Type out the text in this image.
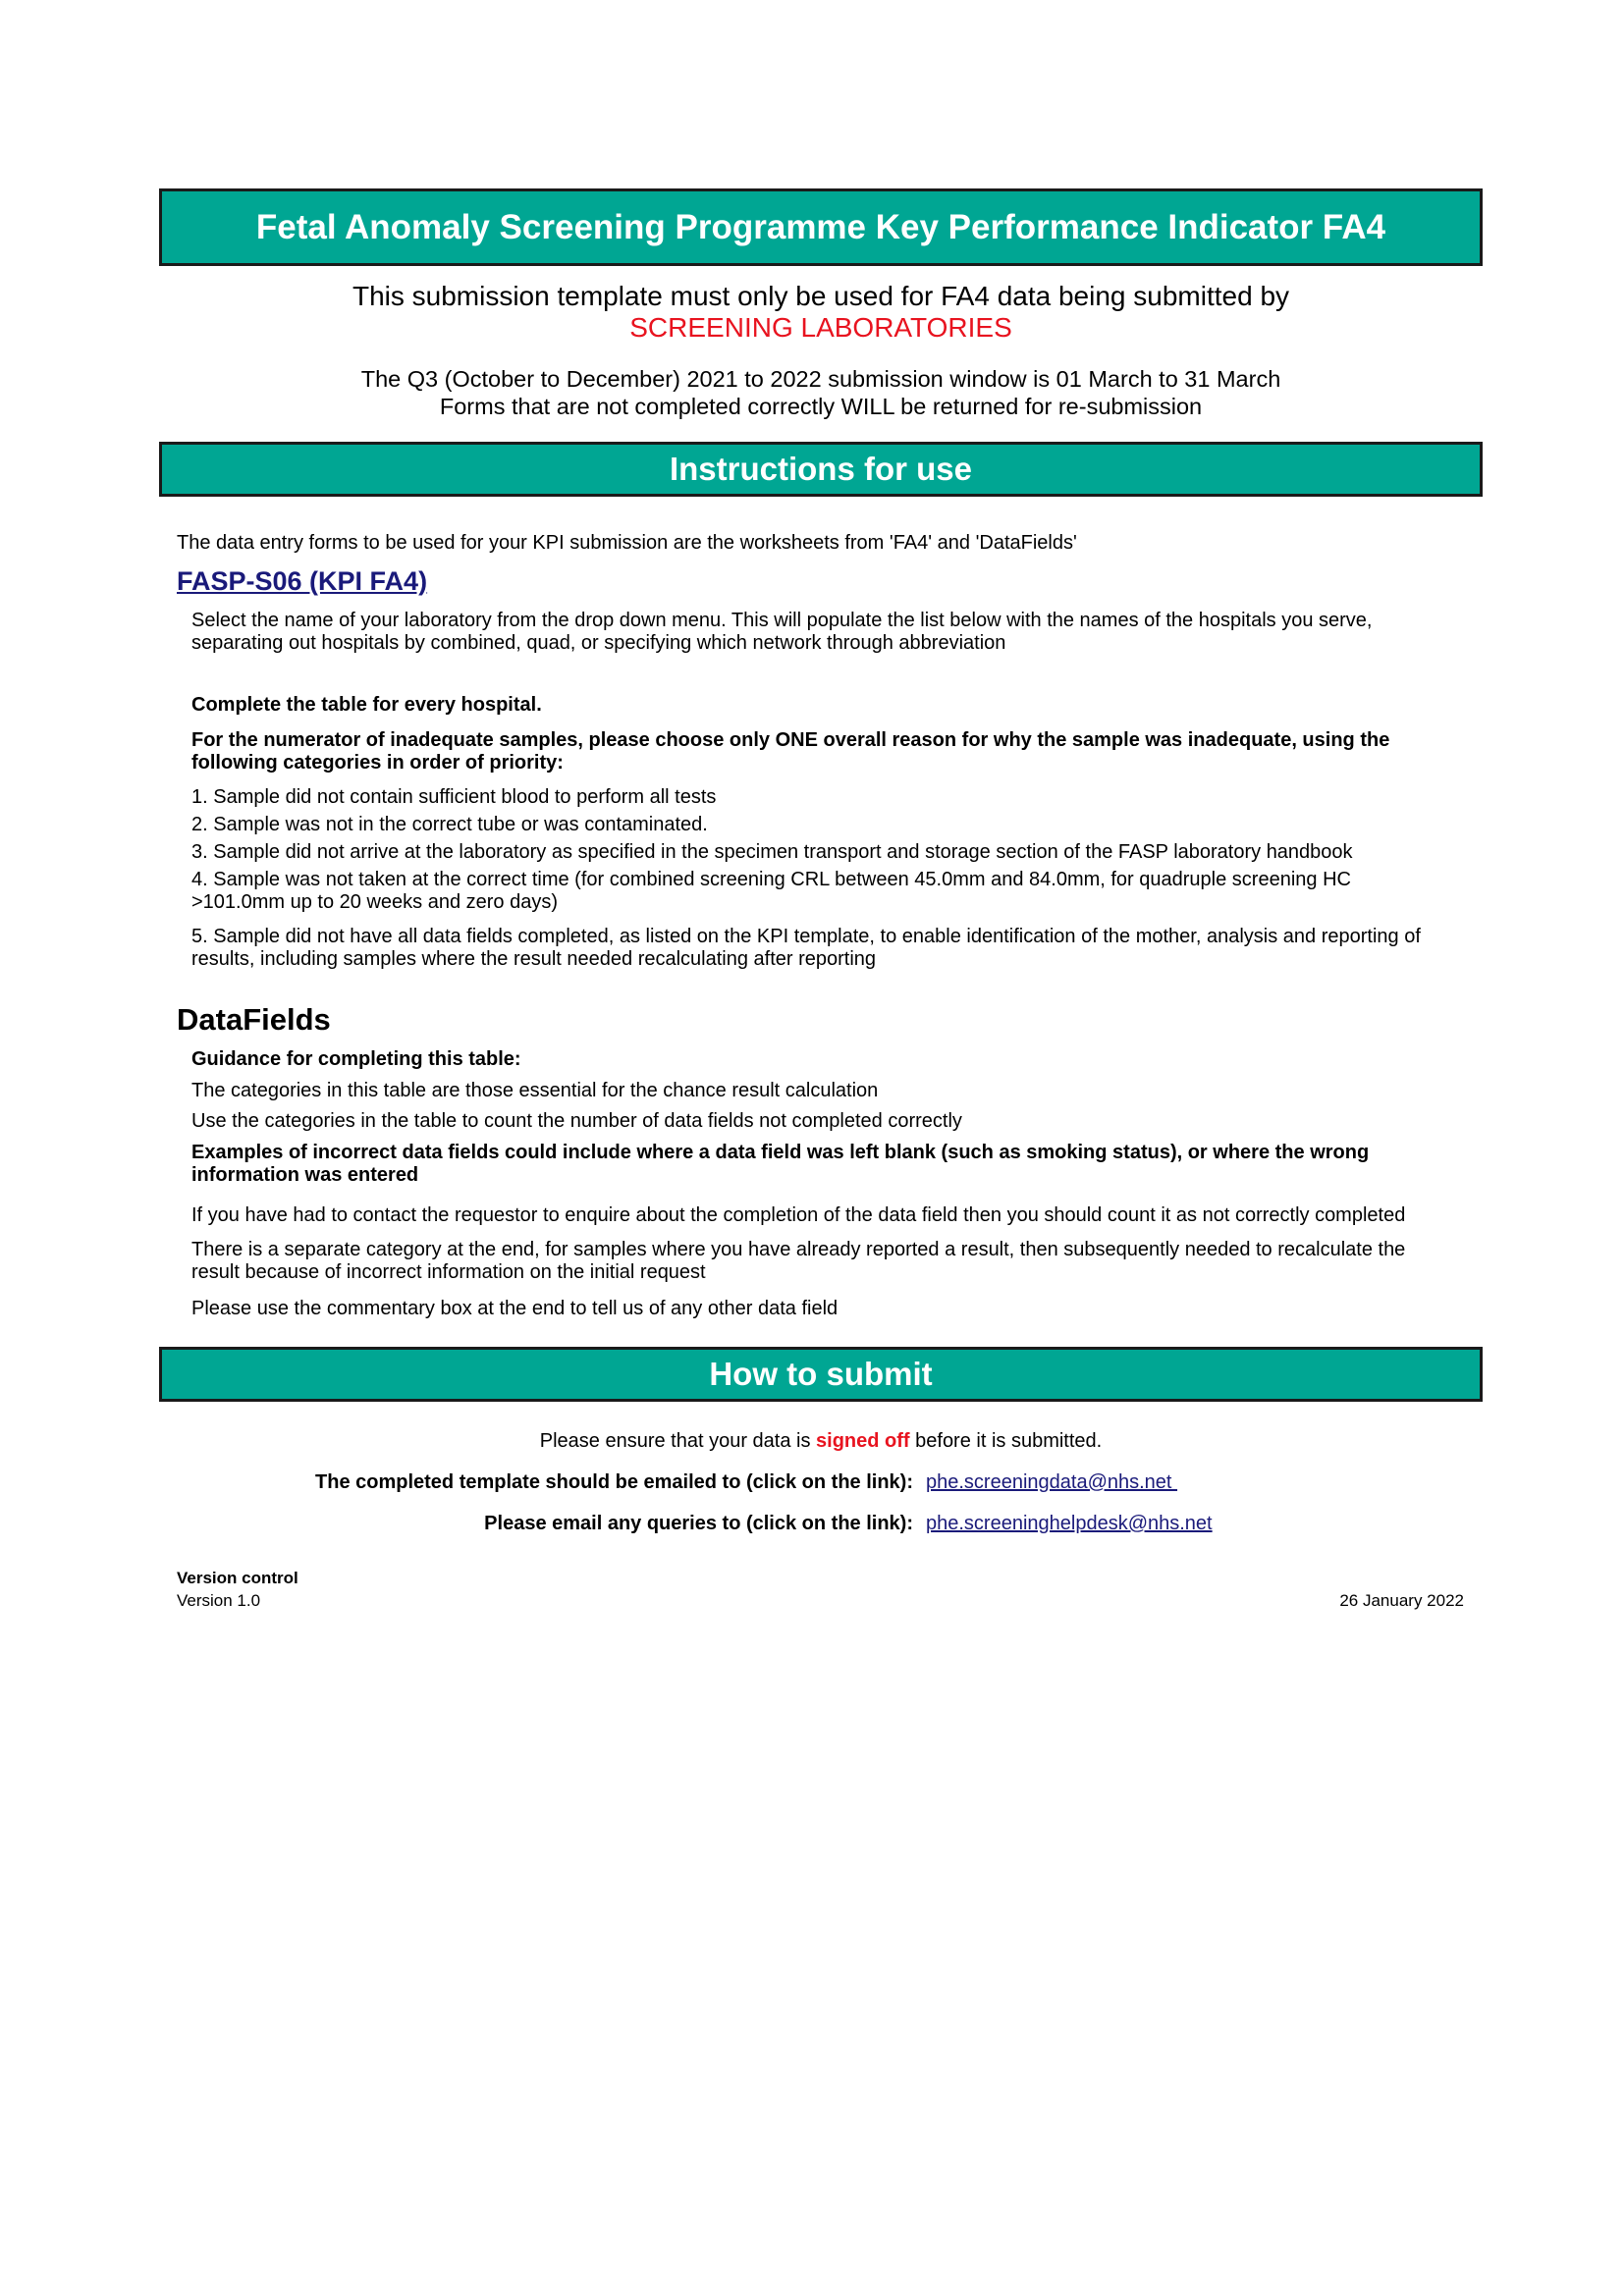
Fetal Anomaly Screening Programme Key Performance Indicator FA4
This submission template must only be used for FA4 data being submitted by
SCREENING LABORATORIES
The Q3 (October to December) 2021 to 2022 submission window is 01 March to 31 March
Forms that are not completed correctly WILL be returned for re-submission
Instructions for use
The data entry forms to be used for your KPI submission are the worksheets from 'FA4' and 'DataFields'
FASP-S06 (KPI FA4)
Select the name of your laboratory from the drop down menu. This will populate the list below with the names of the hospitals you serve,
separating out hospitals by combined, quad, or specifying which network through abbreviation
Complete the table for every hospital.
For the numerator of inadequate samples, please choose only ONE overall reason for why the sample was inadequate, using the
following categories in order of priority:
1. Sample did not contain sufficient blood to perform all tests
2. Sample was not in the correct tube or was contaminated.
3. Sample did not arrive at the laboratory as specified in the specimen transport and storage section of the FASP laboratory handbook
4. Sample was not taken at the correct time (for combined screening CRL between 45.0mm and 84.0mm, for quadruple screening HC
>101.0mm up to 20 weeks and zero days)
5. Sample did not have all data fields completed, as listed on the KPI template, to enable identification of the mother, analysis and reporting of
results, including samples where the result needed recalculating after reporting
DataFields
Guidance for completing this table:
The categories in this table are those essential for the chance result calculation
Use the categories in the table to count the number of data fields not completed correctly
Examples of incorrect data fields could include where a data field was left blank (such as smoking status), or where the wrong
information was entered
If you have had to contact the requestor to enquire about the completion of the data field then you should count it as not correctly completed
There is a separate category at the end, for samples where you have already reported a result, then subsequently needed to recalculate the
result because of incorrect information on the initial request
Please use the commentary box at the end to tell us of any other data field
How to submit
Please ensure that your data is signed off before it is submitted.
The completed template should be emailed to (click on the link): phe.screeningdata@nhs.net
Please email any queries to (click on the link): phe.screeninghelpdesk@nhs.net
Version control
Version 1.0	26 January 2022
